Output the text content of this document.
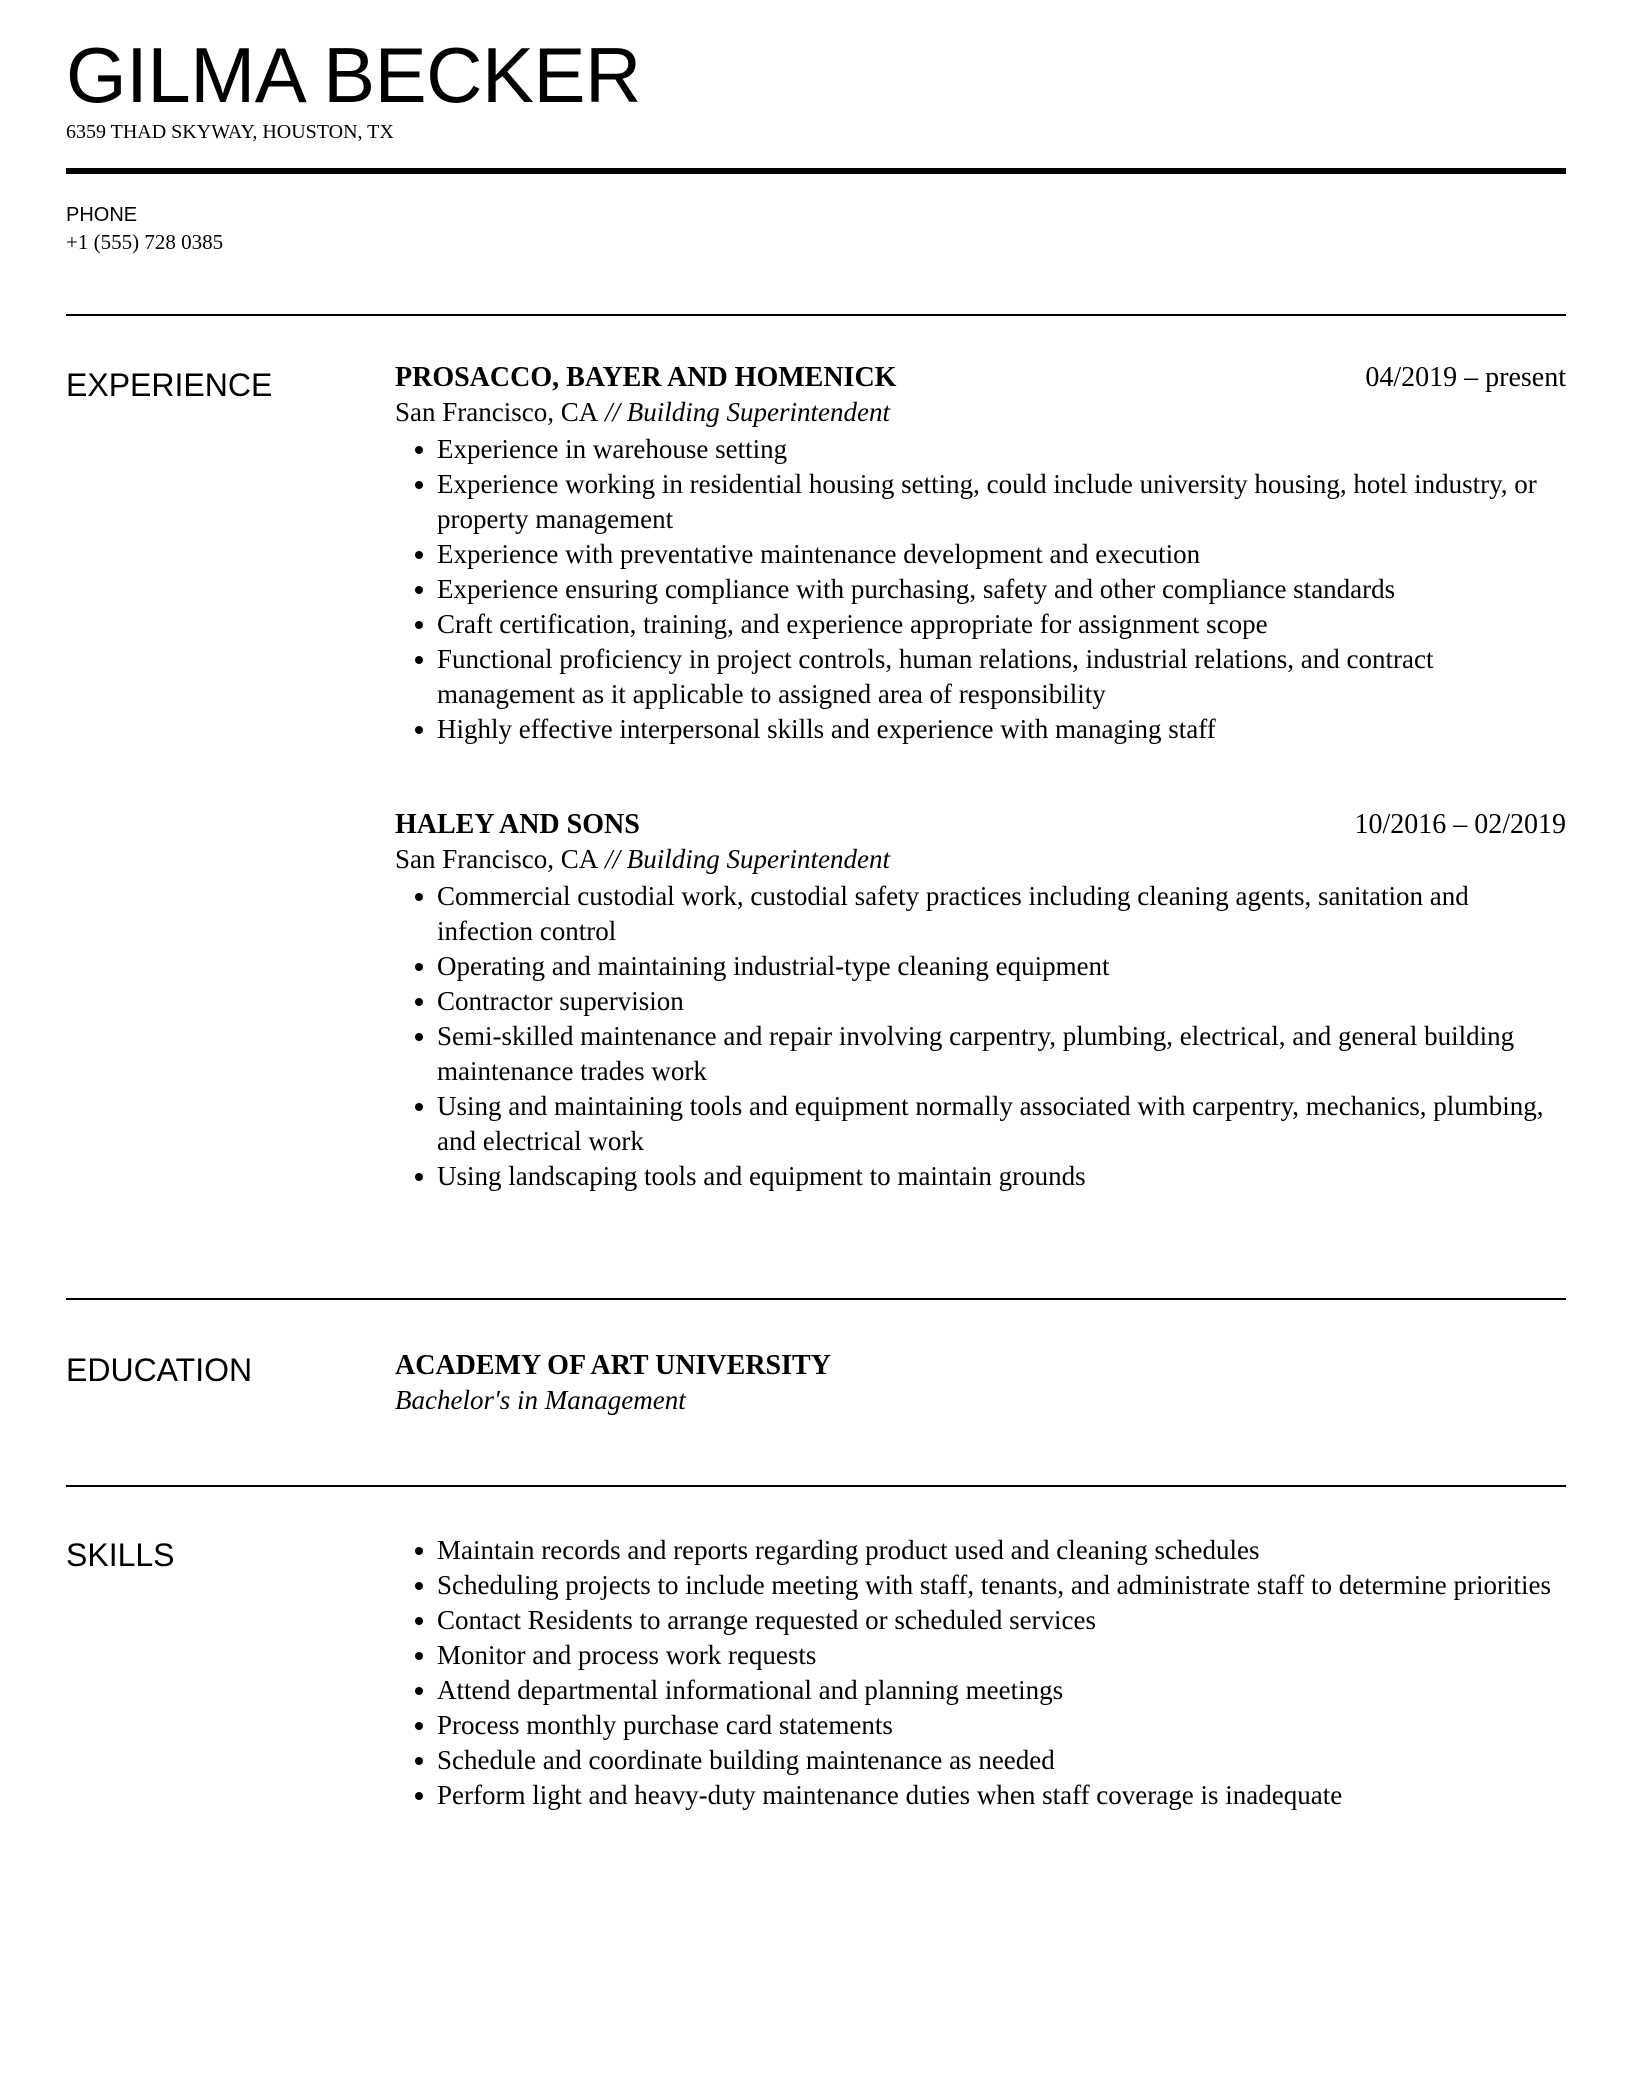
GILMA BECKER
6359 THAD SKYWAY, HOUSTON, TX
PHONE
+1 (555) 728 0385
EXPERIENCE	PROSACCO, BAYER AND HOMENICK	04/2019 – present
San Francisco, CA // Building Superintendent
Experience in warehouse setting
Experience working in residential housing setting, could include university housing, hotel industry, or property management
Experience with preventative maintenance development and execution
Experience ensuring compliance with purchasing, safety and other compliance standards
Craft certification, training, and experience appropriate for assignment scope
Functional proficiency in project controls, human relations, industrial relations, and contract management as it applicable to assigned area of responsibility
Highly effective interpersonal skills and experience with managing staff
HALEY AND SONS	10/2016 – 02/2019
San Francisco, CA // Building Superintendent
Commercial custodial work, custodial safety practices including cleaning agents, sanitation and infection control
Operating and maintaining industrial-type cleaning equipment
Contractor supervision
Semi-skilled maintenance and repair involving carpentry, plumbing, electrical, and general building maintenance trades work
Using and maintaining tools and equipment normally associated with carpentry, mechanics, plumbing, and electrical work
Using landscaping tools and equipment to maintain grounds
EDUCATION	ACADEMY OF ART UNIVERSITY
Bachelor's in Management
SKILLS	Maintain records and reports regarding product used and cleaning schedules
Scheduling projects to include meeting with staff, tenants, and administrate staff to determine priorities
Contact Residents to arrange requested or scheduled services
Monitor and process work requests
Attend departmental informational and planning meetings
Process monthly purchase card statements
Schedule and coordinate building maintenance as needed
Perform light and heavy-duty maintenance duties when staff coverage is inadequate
